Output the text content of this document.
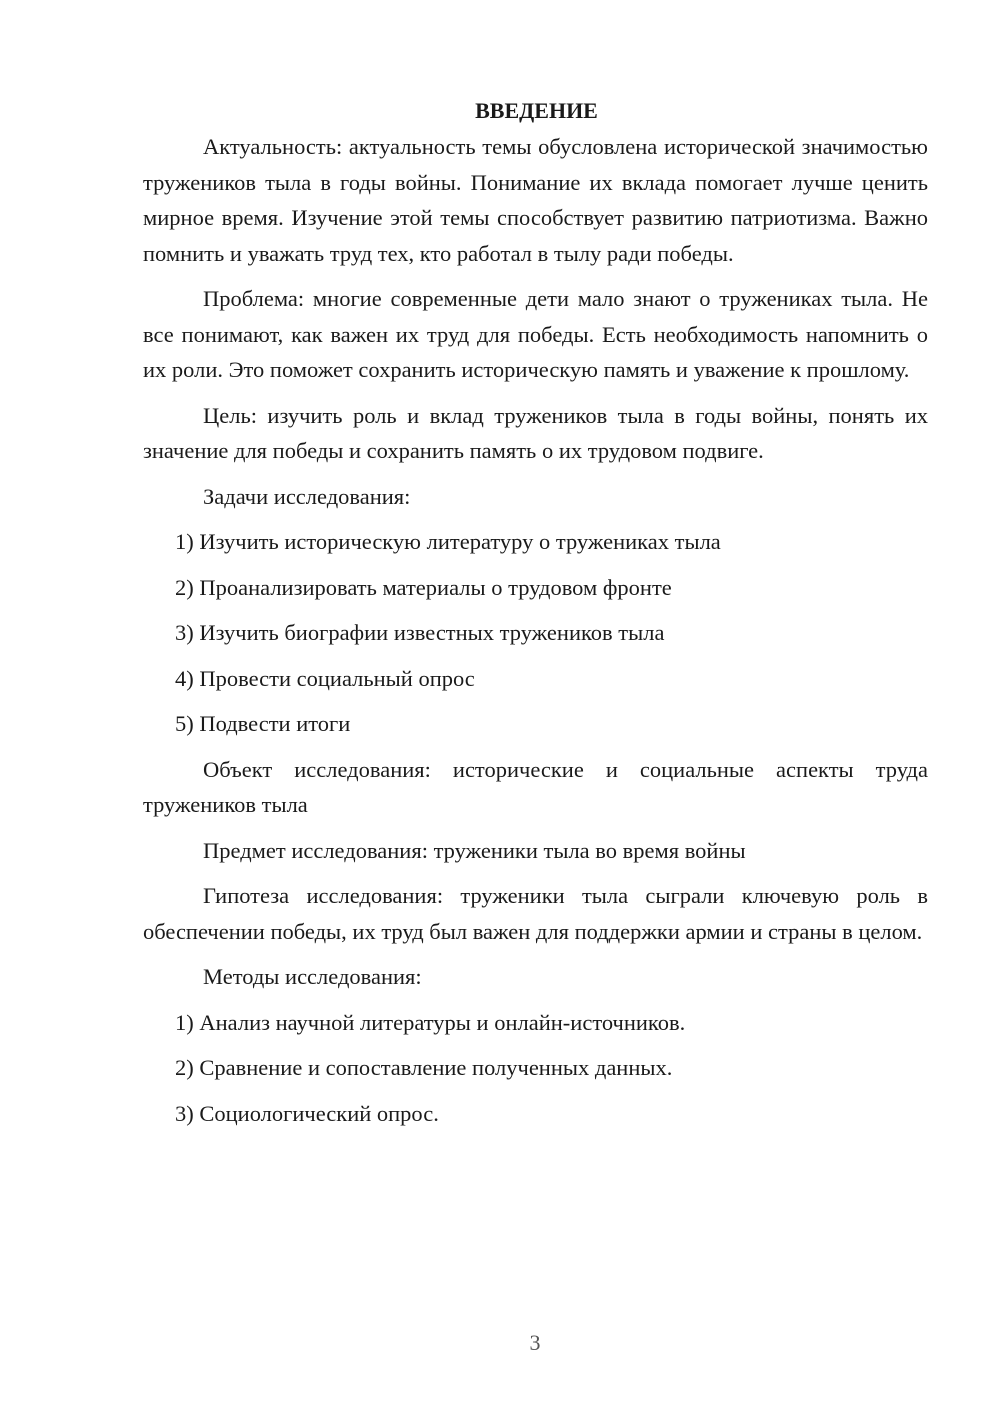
ВВЕДЕНИЕ

Актуальность: актуальность темы обусловлена исторической значимостью тружеников тыла в годы войны. Понимание их вклада помогает лучше ценить мирное время. Изучение этой темы способствует развитию патриотизма. Важно помнить и уважать труд тех, кто работал в тылу ради победы.

Проблема: многие современные дети мало знают о тружениках тыла. Не все понимают, как важен их труд для победы. Есть необходимость напомнить о их роли. Это поможет сохранить историческую память и уважение к прошлому.

Цель: изучить роль и вклад тружеников тыла в годы войны, понять их значение для победы и сохранить память о их трудовом подвиге.

Задачи исследования:

1) Изучить историческую литературу о тружениках тыла
2) Проанализировать материалы о трудовом фронте
3) Изучить биографии известных тружеников тыла
4) Провести социальный опрос
5) Подвести итоги

Объект исследования: исторические и социальные аспекты труда тружеников тыла

Предмет исследования: труженики тыла во время войны

Гипотеза исследования: труженики тыла сыграли ключевую роль в обеспечении победы, их труд был важен для поддержки армии и страны в целом.

Методы исследования:

1) Анализ научной литературы и онлайн-источников.
2) Сравнение и сопоставление полученных данных.
3) Социологический опрос.
3
